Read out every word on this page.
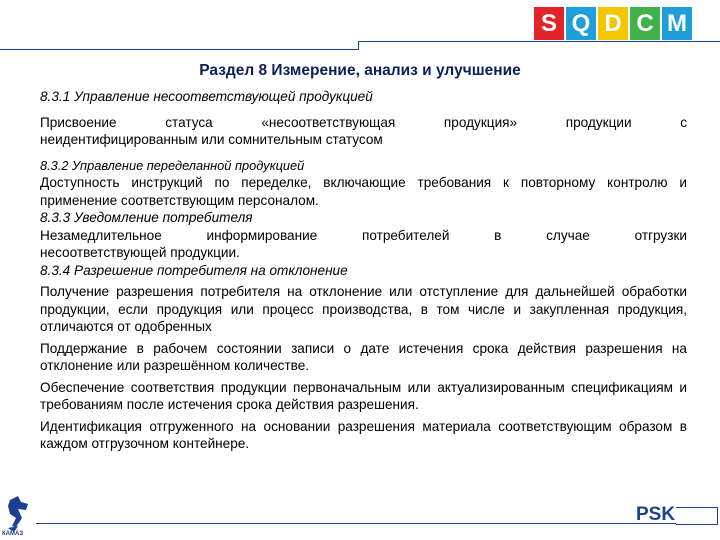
S Q D C M
Раздел 8 Измерение, анализ и улучшение
8.3.1 Управление несоответствующей продукцией
Присвоение статуса «несоответствующая продукция» продукции с
неидентифицированным или сомнительным статусом
8.3.2 Управление переделанной продукцией
Доступность инструкций по переделке, включающие требования к повторному контролю и применение соответствующим персоналом.
8.3.3 Уведомление потребителя
Незамедлительное информирование потребителей в случае отгрузки
несоответствующей продукции.
8.3.4 Разрешение потребителя на отклонение
Получение разрешения потребителя на отклонение или отступление для дальнейшей обработки продукции, если продукция или процесс производства, в том числе и закупленная продукция, отличаются от одобренных
Поддержание в рабочем состоянии записи о дате истечения срока действия разрешения на отклонение или разрешённом количестве.
Обеспечение соответствия продукции первоначальным или актуализированным спецификациям и требованиям после истечения срока действия разрешения.
Идентификация отгруженного на основании разрешения материала соответствующим образом в каждом отгрузочном контейнере.
КАМАЗ
PSK
